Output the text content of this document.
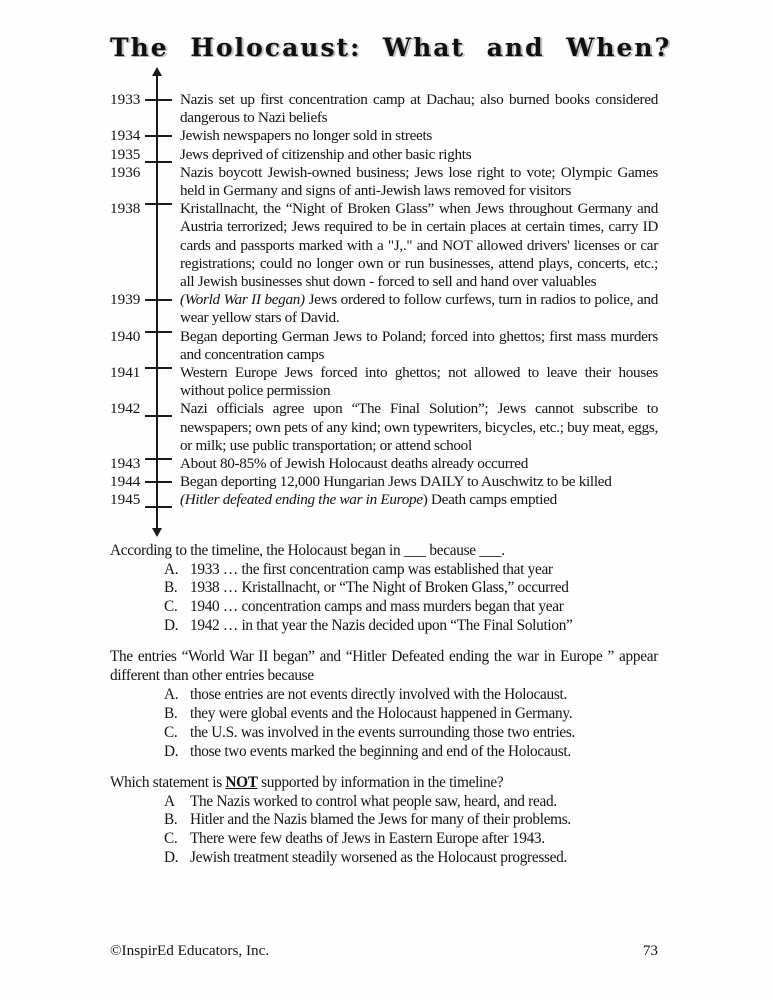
The Holocaust: What and When?
1933	Nazis set up first concentration camp at Dachau; also burned books considered dangerous to Nazi beliefs

1934	Jewish newspapers no longer sold in streets

1935	Jews deprived of citizenship and other basic rights

1936	Nazis boycott Jewish-owned business; Jews lose right to vote; Olympic Games held in Germany and signs of anti-Jewish laws removed for visitors

1938	Kristallnacht, the “Night of Broken Glass” when Jews throughout Germany and Austria terrorized; Jews required to be in certain places at certain times, carry ID cards and passports marked with a "J,." and NOT allowed drivers' licenses or car registrations; could no longer own or run businesses, attend plays, concerts, etc.; all Jewish businesses shut down - forced to sell and hand over valuables

1939	(World War II began) Jews ordered to follow curfews, turn in radios to police, and wear yellow stars of David.

1940	Began deporting German Jews to Poland; forced into ghettos; first mass murders and concentration camps

1941	Western Europe Jews forced into ghettos; not allowed to leave their houses without police permission

1942	Nazi officials agree upon “The Final Solution”; Jews cannot subscribe to newspapers; own pets of any kind; own typewriters, bicycles, etc.; buy meat, eggs, or milk; use public transportation; or attend school

1943	About 80-85% of Jewish Holocaust deaths already occurred

1944	Began deporting 12,000 Hungarian Jews DAILY to Auschwitz to be killed

1945	(Hitler defeated ending the war in Europe) Death camps emptied

According to the timeline, the Holocaust began in ___ because ___.

A. 1933 … the first concentration camp was established that year
B. 1938 … Kristallnacht, or “The Night of Broken Glass,” occurred
C. 1940 … concentration camps and mass murders began that year
D. 1942 … in that year the Nazis decided upon “The Final Solution”

The entries “World War II began” and “Hitler Defeated ending the war in Europe ” appear different than other entries because

A. those entries are not events directly involved with the Holocaust.
B. they were global events and the Holocaust happened in Germany.
C. the U.S. was involved in the events surrounding those two entries.
D. those two events marked the beginning and end of the Holocaust.

Which statement is NOT supported by information in the timeline?

A The Nazis worked to control what people saw, heard, and read.
B. Hitler and the Nazis blamed the Jews for many of their problems.
C. There were few deaths of Jews in Eastern Europe after 1943.
D. Jewish treatment steadily worsened as the Holocaust progressed.
©InspirEd Educators, Inc.	73
